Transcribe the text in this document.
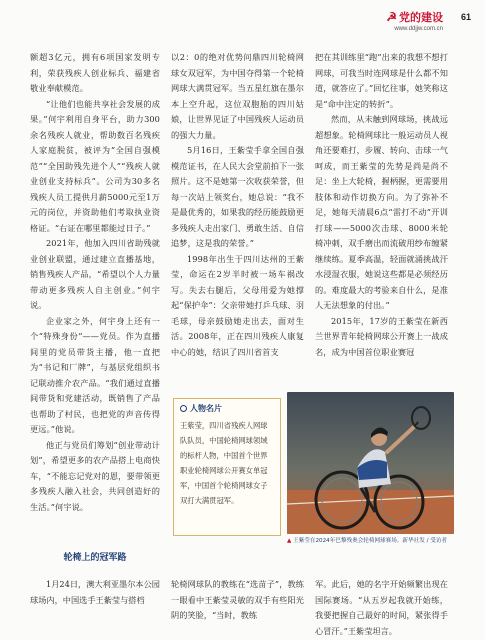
☭ 党的建设
www.ddjjw.com.cn
61

额超3亿元，拥有6项国家发明专利，荣获残疾人创业标兵、福建省敬业奉献模范。

“让他们也能共享社会发展的成果。”何宇利用自身平台，助力300余名残疾人就业，帮助数百名残疾人家庭脱贫，被评为“全国自强模范”“全国助残先进个人”“残疾人就业创业支持标兵”。公司为30多名残疾人员工提供月薪5000元至1万元的岗位，并资助他们考取执业资格证。“右证在哪里都能过日子。”

2021年，他加入四川省助残就业创业联盟，通过建立直播基地，销售残疾人产品，“希望以个人力量带动更多残疾人自主创业。”何宇说。

企业家之外，何宇身上还有一个“特殊身份”——党员。作为直播间里的党员带货主播，他一直把为“书记和厂牌”，与基层党组织书记联动推介农产品。“我们通过直播间带货和党建活动，既销售了产品也帮助了村民，也把党的声音传得更远。”他说。

他正与党员们筹划“创业带动计划”，希望更多的农产品搭上电商快车，“不能忘记党对的恩，要带领更多残疾人融入社会，共同创造好的生活。”何宇说。

以2：0的绝对优势问鼎四川轮椅网球女双冠军，为中国夺得第一个轮椅网球大满贯冠军。当五星红旗在墨尔本上空升起，这位双胞胎的四川姑娘，让世界见证了中国残疾人运动员的强大力量。

5月16日，王紫莹手拿全国自强模范证书，在人民大会堂前拍下一张照片。这不是她第一次收获荣誉，但每一次站上领奖台，她总说：“我不是最优秀的，如果我的经历能鼓励更多残疾人走出家门、勇敢生活、自信追梦，这是我的荣誉。”

1998年出生于四川达州的王紫莹，命运在2岁半时被一场车祸改写。失去右腿后，父母用爱为她撑起“保护伞”：父亲带她打乒乓球、羽毛球，母亲鼓励她走出去，面对生活。2008年，正在四川残疾人康复中心的她，结识了四川省首支

把在其训练里“跑”出来的我想不想打网球，可我当时连网球是什么都不知道，就答应了。”回忆往事，她笑称这是“命中注定的转折”。

然而，从未触到网球场，挑战远超想象。轮椅网球比一般运动员人视角还要难打，步履、转向、击球一气呵成，而王紫莹的先势是尚是尚不足：坐上大轮椅，握柄握，更需要用肢体和动作切换方向。为了弥补不足，她每天清晨6点“雷打不动”开训打球——5000次击球、8000米轮椅冲刺，双手磨出而流破用纱布缠紧继续练。夏季高温，轻面就涌挑战汗水浸湿衣服，她说这些都是必须经历的。难度最大的考验来自什么，是准人无法想象的付出。”

2015年，17岁的王紫莹在新西兰世界青年轮椅网球公开赛上一战成名，成为中国首位职业赛冠

人物名片
王紫莹，四川省残疾人网球队队员，中国轮椅网球领域的标杆人物，中国首个世界职业轮椅网球公开赛女单冠军，中国首个轮椅网球女子双打大满贯冠军。
▲ 王紫莹在2024年巴黎残奥会轮椅网球赛场。新华社发 / 受访者
轮椅上的冠军路

1月24日，澳大利亚墨尔本公园球场内，中国选手王紫莹与搭档

轮椅网球队的教练在“选苗子”，教练一眼看中王紫莹灵敏的双手有些阳光阴的笑脸，“当时，教练

军。此后，她的名字开始频繁出现在国际赛场。“从五岁起我就开始练，我要把握自己最好的时间，紧张得手心冒汗。”王紫莹坦言。
